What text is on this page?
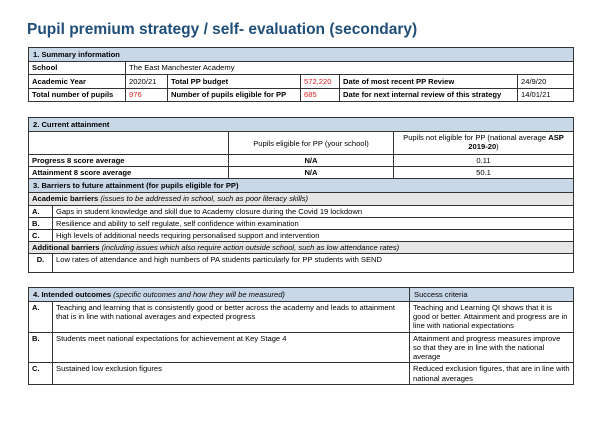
Pupil premium strategy / self- evaluation (secondary)
1. Summary information					
School	The East Manchester Academy				
Academic Year	2020/21	Total PP budget	572,220	Date of most recent PP Review	24/9/20
Total number of pupils	976	Number of pupils eligible for PP	685	Date for next internal review of this strategy	14/01/21
2. Current attainment			
		Pupils eligible for PP (your school)	Pupils not eligible for PP (national average ASP 2019-20)
Progress 8 score average		N/A	0.11
Attainment 8 score average		N/A	50.1
3. Barriers to future attainment (for pupils eligible for PP)			
Academic barriers (issues to be addressed in school, such as poor literacy skills)			
A.	Gaps in student knowledge and skill due to Academy closure during the Covid 19 lockdown		
B.	Resilience and ability to self regulate, self confidence within examination		
C.	High levels of additional needs requiring personalised support and intervention		
Additional barriers (including issues which also require action outside school, such as low attendance rates)			
D.	Low rates of attendance and high numbers of PA students particularly for PP students with SEND		
4. Intended outcomes (specific outcomes and how they will be measured)		Success criteria
A.	Teaching and learning that is consistently good or better across the academy and leads to attainment that is in line with national averages and expected progress	Teaching and Learning QI shows that it is good or better. Attainment and progress are in line with national expectations
B.	Students meet national expectations for achievement at Key Stage 4	Attainment and progress measures improve so that they are in line with the national average
C.	Sustained low exclusion figures	Reduced exclusion figures, that are in line with national averages
